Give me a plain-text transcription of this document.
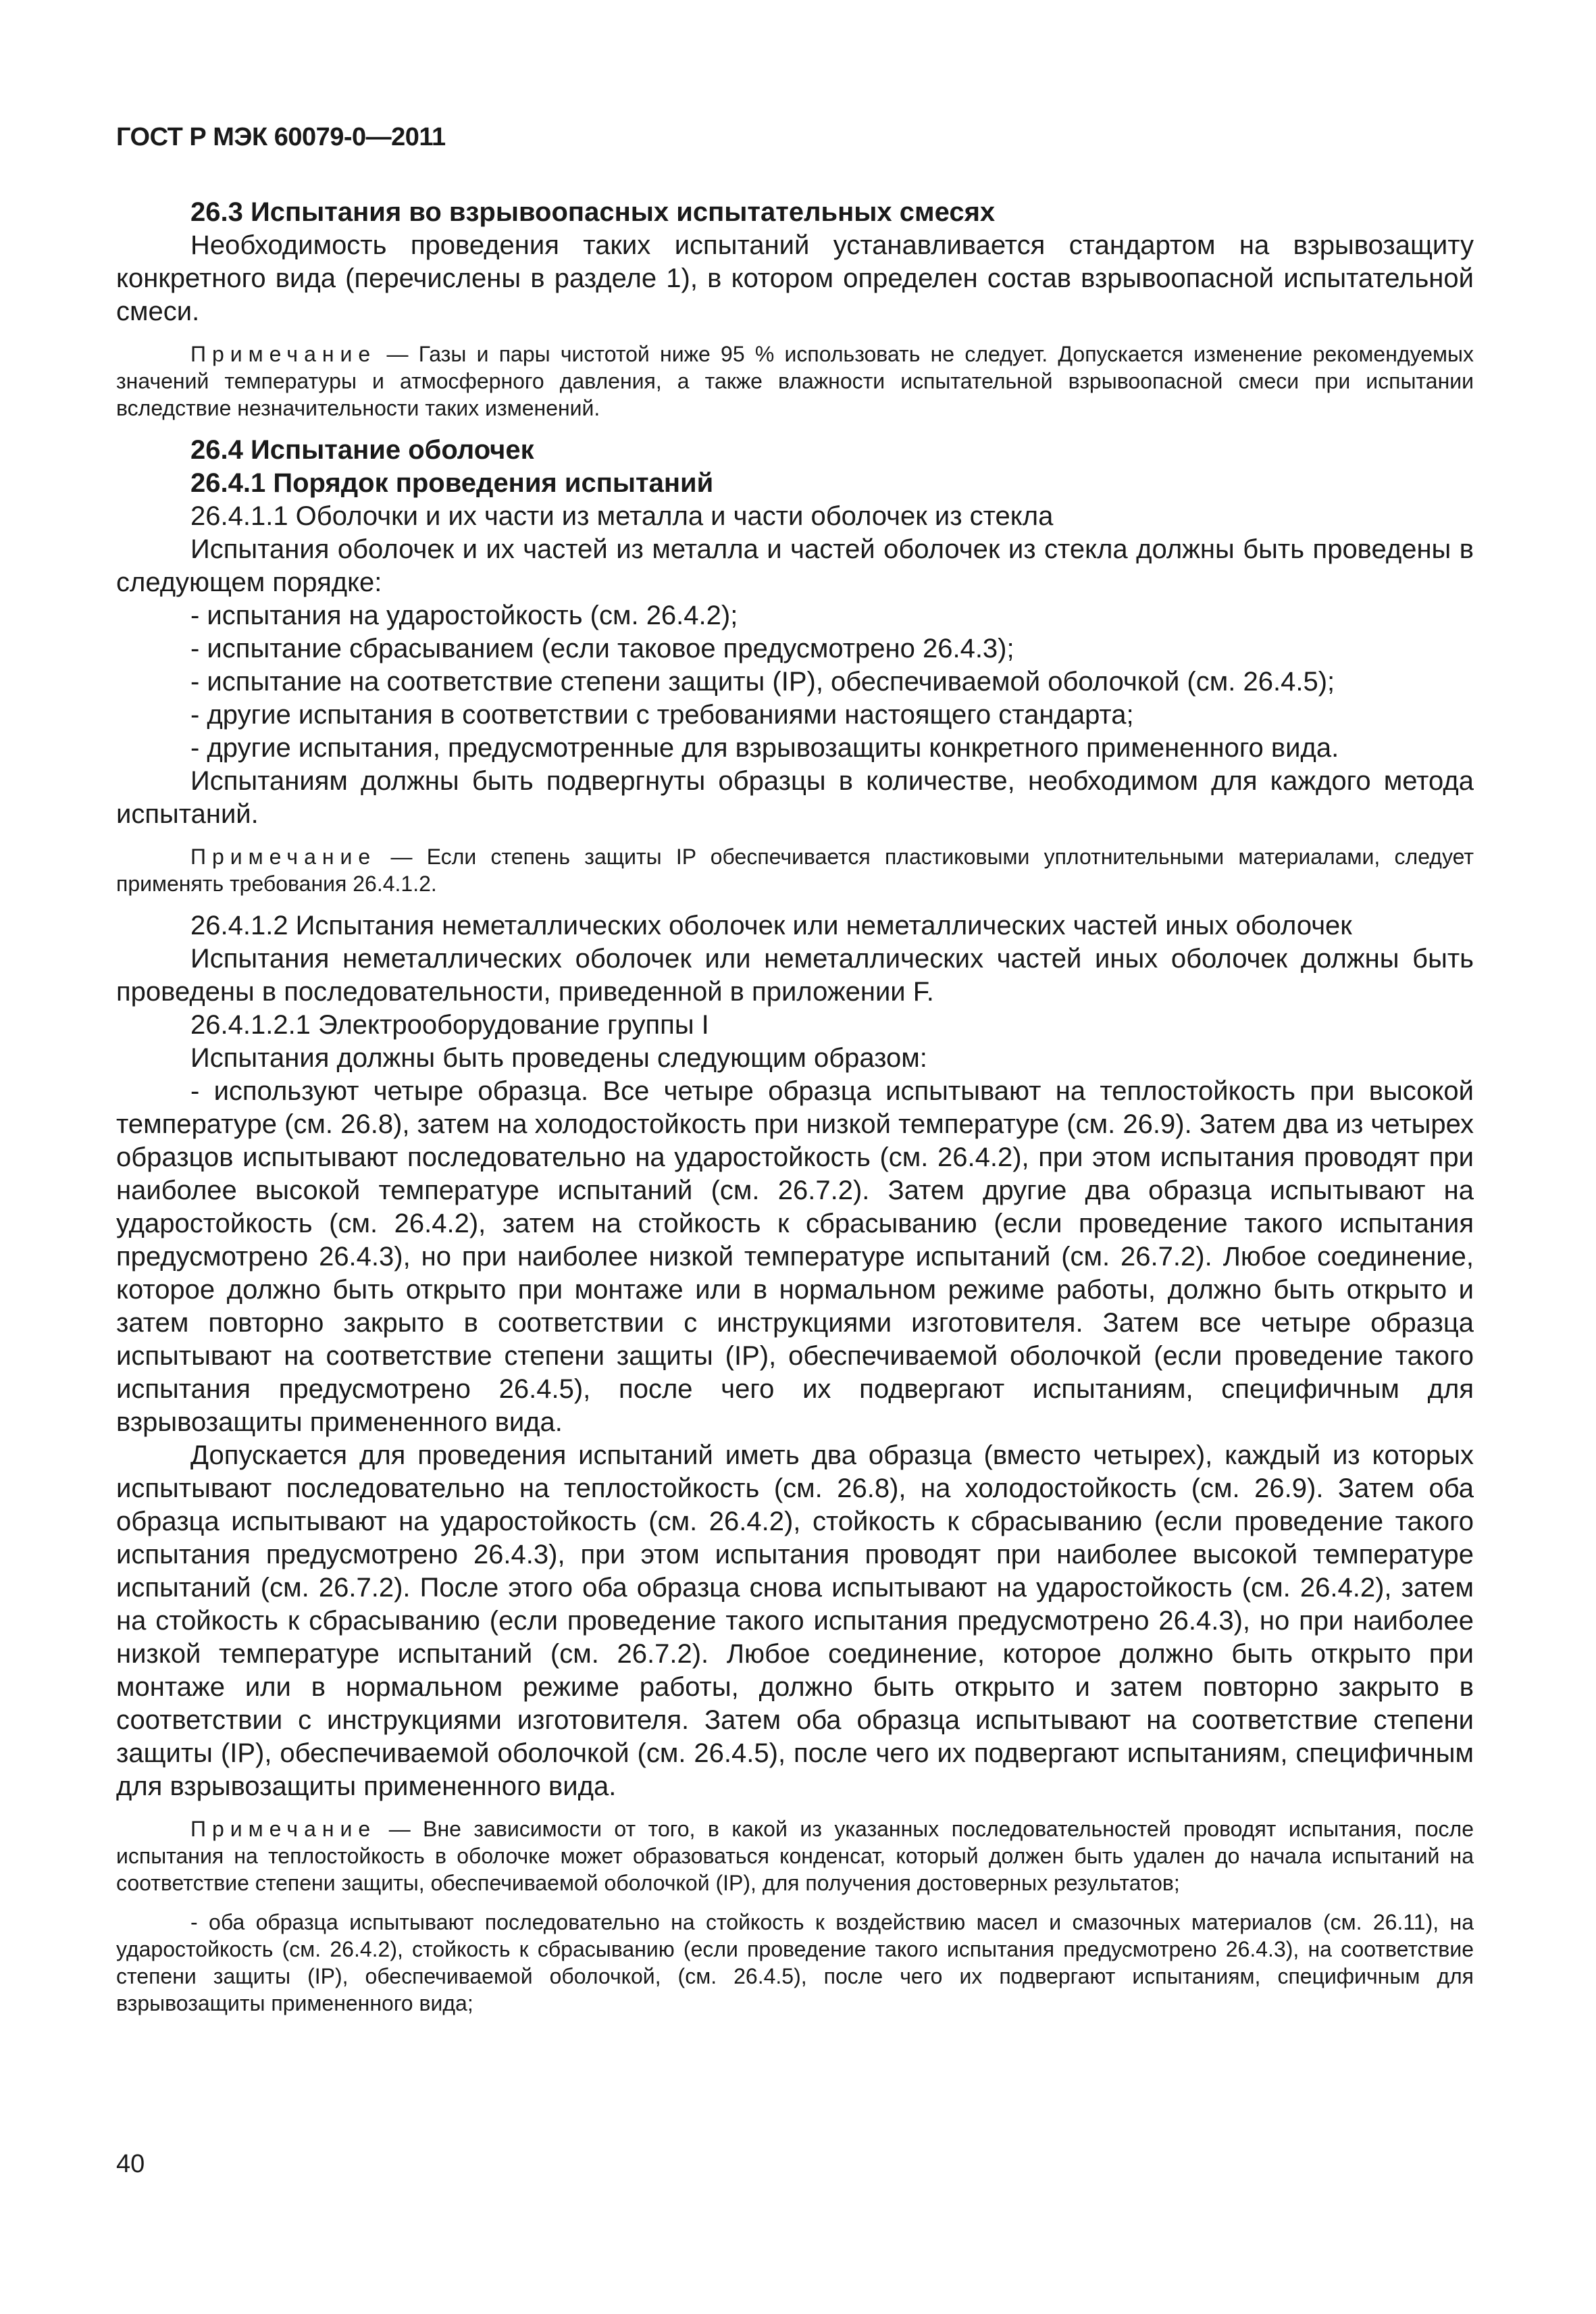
ГОСТ Р МЭК 60079-0—2011

26.3 Испытания во взрывоопасных испытательных смесях

Необходимость проведения таких испытаний устанавливается стандартом на взрывозащиту конкретного вида (перечислены в разделе 1), в котором определен состав взрывоопасной испытательной смеси.

Примечание — Газы и пары чистотой ниже 95 % использовать не следует. Допускается изменение рекомендуемых значений температуры и атмосферного давления, а также влажности испытательной взрывоопасной смеси при испытании вследствие незначительности таких изменений.

26.4 Испытание оболочек

26.4.1 Порядок проведения испытаний

26.4.1.1 Оболочки и их части из металла и части оболочек из стекла

Испытания оболочек и их частей из металла и частей оболочек из стекла должны быть проведены в следующем порядке:

- испытания на ударостойкость (см. 26.4.2);

- испытание сбрасыванием (если таковое предусмотрено 26.4.3);

- испытание на соответствие степени защиты (IP), обеспечиваемой оболочкой (см. 26.4.5);

- другие испытания в соответствии с требованиями настоящего стандарта;

- другие испытания, предусмотренные для взрывозащиты конкретного примененного вида.

Испытаниям должны быть подвергнуты образцы в количестве, необходимом для каждого метода испытаний.

Примечание — Если степень защиты IP обеспечивается пластиковыми уплотнительными материалами, следует применять требования 26.4.1.2.

26.4.1.2 Испытания неметаллических оболочек или неметаллических частей иных оболочек

Испытания неметаллических оболочек или неметаллических частей иных оболочек должны быть проведены в последовательности, приведенной в приложении F.

26.4.1.2.1 Электрооборудование группы I

Испытания должны быть проведены следующим образом:

- используют четыре образца. Все четыре образца испытывают на теплостойкость при высокой температуре (см. 26.8), затем на холодостойкость при низкой температуре (см. 26.9). Затем два из четырех образцов испытывают последовательно на ударостойкость (см. 26.4.2), при этом испытания проводят при наиболее высокой температуре испытаний (см. 26.7.2). Затем другие два образца испытывают на ударостойкость (см. 26.4.2), затем на стойкость к сбрасыванию (если проведение такого испытания предусмотрено 26.4.3), но при наиболее низкой температуре испытаний (см. 26.7.2). Любое соединение, которое должно быть открыто при монтаже или в нормальном режиме работы, должно быть открыто и затем повторно закрыто в соответствии с инструкциями изготовителя. Затем все четыре образца испытывают на соответствие степени защиты (IP), обеспечиваемой оболочкой (если проведение такого испытания предусмотрено 26.4.5), после чего их подвергают испытаниям, специфичным для взрывозащиты примененного вида.

Допускается для проведения испытаний иметь два образца (вместо четырех), каждый из которых испытывают последовательно на теплостойкость (см. 26.8), на холодостойкость (см. 26.9). Затем оба образца испытывают на ударостойкость (см. 26.4.2), стойкость к сбрасыванию (если проведение такого испытания предусмотрено 26.4.3), при этом испытания проводят при наиболее высокой температуре испытаний (см. 26.7.2). После этого оба образца снова испытывают на ударостойкость (см. 26.4.2), затем на стойкость к сбрасыванию (если проведение такого испытания предусмотрено 26.4.3), но при наиболее низкой температуре испытаний (см. 26.7.2). Любое соединение, которое должно быть открыто при монтаже или в нормальном режиме работы, должно быть открыто и затем повторно закрыто в соответствии с инструкциями изготовителя. Затем оба образца испытывают на соответствие степени защиты (IP), обеспечиваемой оболочкой (см. 26.4.5), после чего их подвергают испытаниям, специфичным для взрывозащиты примененного вида.

Примечание — Вне зависимости от того, в какой из указанных последовательностей проводят испытания, после испытания на теплостойкость в оболочке может образоваться конденсат, который должен быть удален до начала испытаний на соответствие степени защиты, обеспечиваемой оболочкой (IP), для получения достоверных результатов;

- оба образца испытывают последовательно на стойкость к воздействию масел и смазочных материалов (см. 26.11), на ударостойкость (см. 26.4.2), стойкость к сбрасыванию (если проведение такого испытания предусмотрено 26.4.3), на соответствие степени защиты (IP), обеспечиваемой оболочкой, (см. 26.4.5), после чего их подвергают испытаниям, специфичным для взрывозащиты примененного вида;

40
